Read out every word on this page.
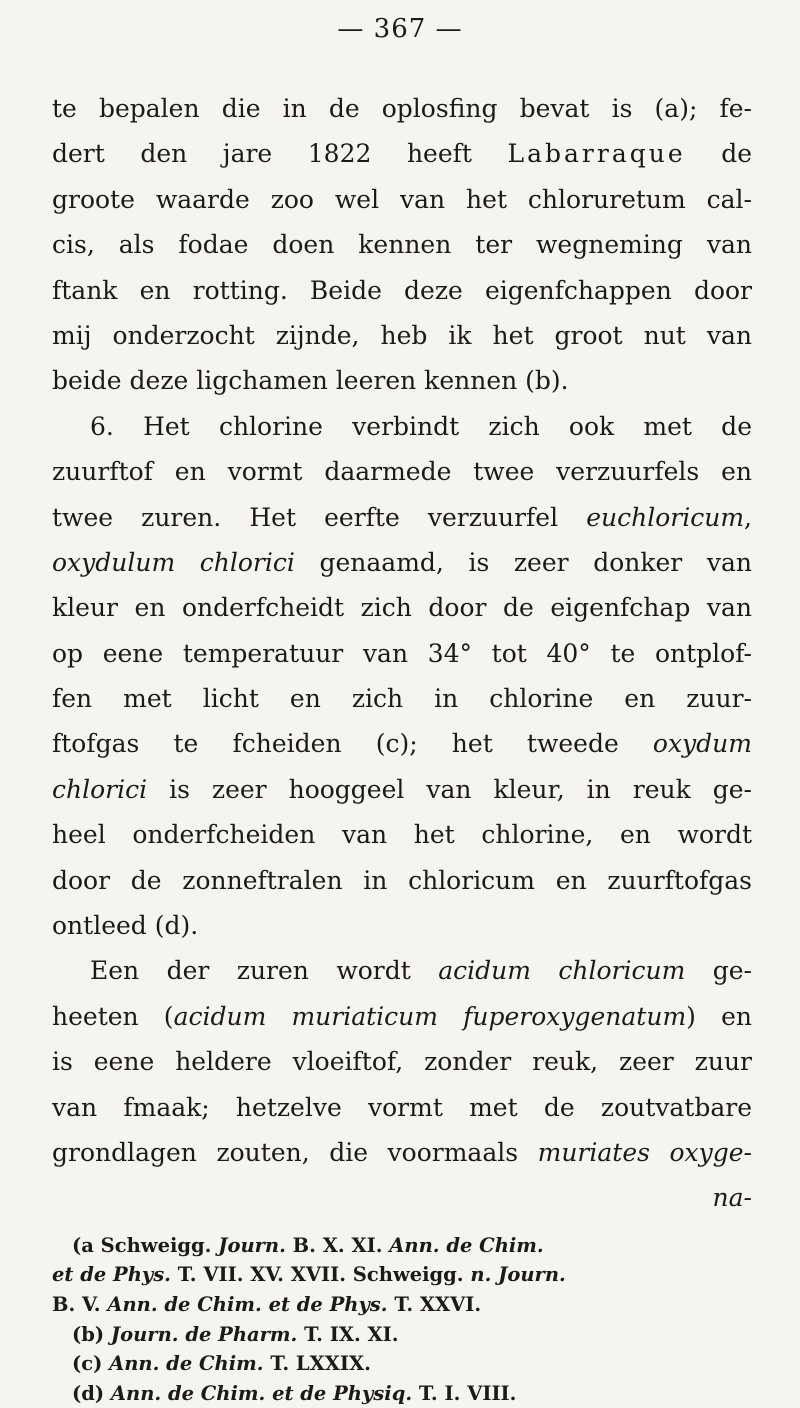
— 367 —
te bepalen die in de oplosfing bevat is (a); fe-
dert den jare 1822 heeft Labarraque de
groote waarde zoo wel van het chloruretum cal-
cis, als fodae doen kennen ter wegneming van
ftank en rotting. Beide deze eigenfchappen door
mij onderzocht zijnde, heb ik het groot nut van
beide deze ligchamen leeren kennen (b).
6. Het chlorine verbindt zich ook met de
zuurftof en vormt daarmede twee verzuurfels en
twee zuren. Het eerfte verzuurfel euchloricum,
oxydulum chlorici genaamd, is zeer donker van
kleur en onderfcheidt zich door de eigenfchap van
op eene temperatuur van 34° tot 40° te ontplof-
fen met licht en zich in chlorine en zuur-
ftofgas te fcheiden (c); het tweede oxydum
chlorici is zeer hooggeel van kleur, in reuk ge-
heel onderfcheiden van het chlorine, en wordt
door de zonneftralen in chloricum en zuurftofgas
ontleed (d).
Een der zuren wordt acidum chloricum ge-
heeten (acidum muriaticum fuperoxygenatum) en
is eene heldere vloeiftof, zonder reuk, zeer zuur
van fmaak; hetzelve vormt met de zoutvatbare
grondlagen zouten, die voormaals muriates oxyge-
na-
(a Schweigg. Journ. B. X. XI. Ann. de Chim.
et de Phys. T. VII. XV. XVII. Schweigg. n. Journ.
B. V. Ann. de Chim. et de Phys. T. XXVI.
(b) Journ. de Pharm. T. IX. XI.
(c) Ann. de Chim. T. LXXIX.
(d) Ann. de Chim. et de Physiq. T. I. VIII.
